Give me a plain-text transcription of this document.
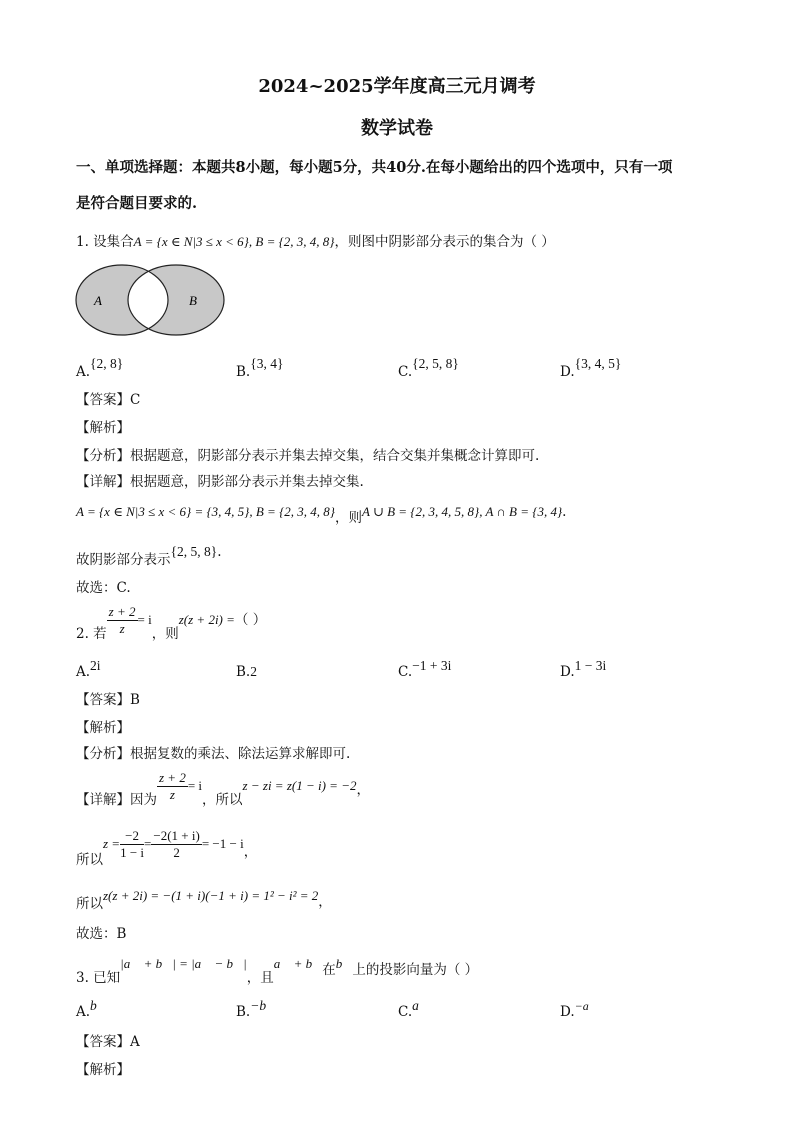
2024~2025学年度高三元月调考
数学试卷
一、单项选择题：本题共8小题，每小题5分，共40分.在每小题给出的四个选项中，只有一项
是符合题目要求的.
1. 设集合A = {x ∈ N|3 ≤ x < 6}, B = {2, 3, 4, 8}，则图中阴影部分表示的集合为（ ）
A	B
A.{2, 8}
B.{3, 4}
C.{2, 5, 8}
D.{3, 4, 5}
【答案】C
【解析】
【分析】根据题意，阴影部分表示并集去掉交集，结合交集并集概念计算即可.
【详解】根据题意，阴影部分表示并集去掉交集.
A = {x ∈ N|3 ≤ x < 6} = {3, 4, 5}, B = {2, 3, 4, 8}，则A ∪ B = {2, 3, 4, 5, 8}, A ∩ B = {3, 4}.
故阴影部分表示{2, 5, 8}.
故选：C.
2. 若 $\frac{z + 2}{z} = i$，则z(z + 2i) =（ ）
A.2i	B.2	C.−1 + 3i	D.1 − 3i
【答案】B
【解析】
【分析】根据复数的乘法、除法运算求解即可.
【详解】因为 $\frac{z + 2}{z} = i$，所以z − zi = z(1 − i) = −2，
所以$z = \frac{-2}{1 - i} = \frac{-2(1 + i)}{2} = -1 - i$，
所以z(z + 2i) = −(1 + i)(−1 + i) = 1² − i² = 2，
故选：B
3. 已知|a⃗ + b⃗| = |a⃗ − b⃗|，且a⃗ + b⃗在b⃗上的投影向量为（ ）
A.b⃗	B.−b⃗	C.a⃗	D.−a⃗
【答案】A
【解析】
